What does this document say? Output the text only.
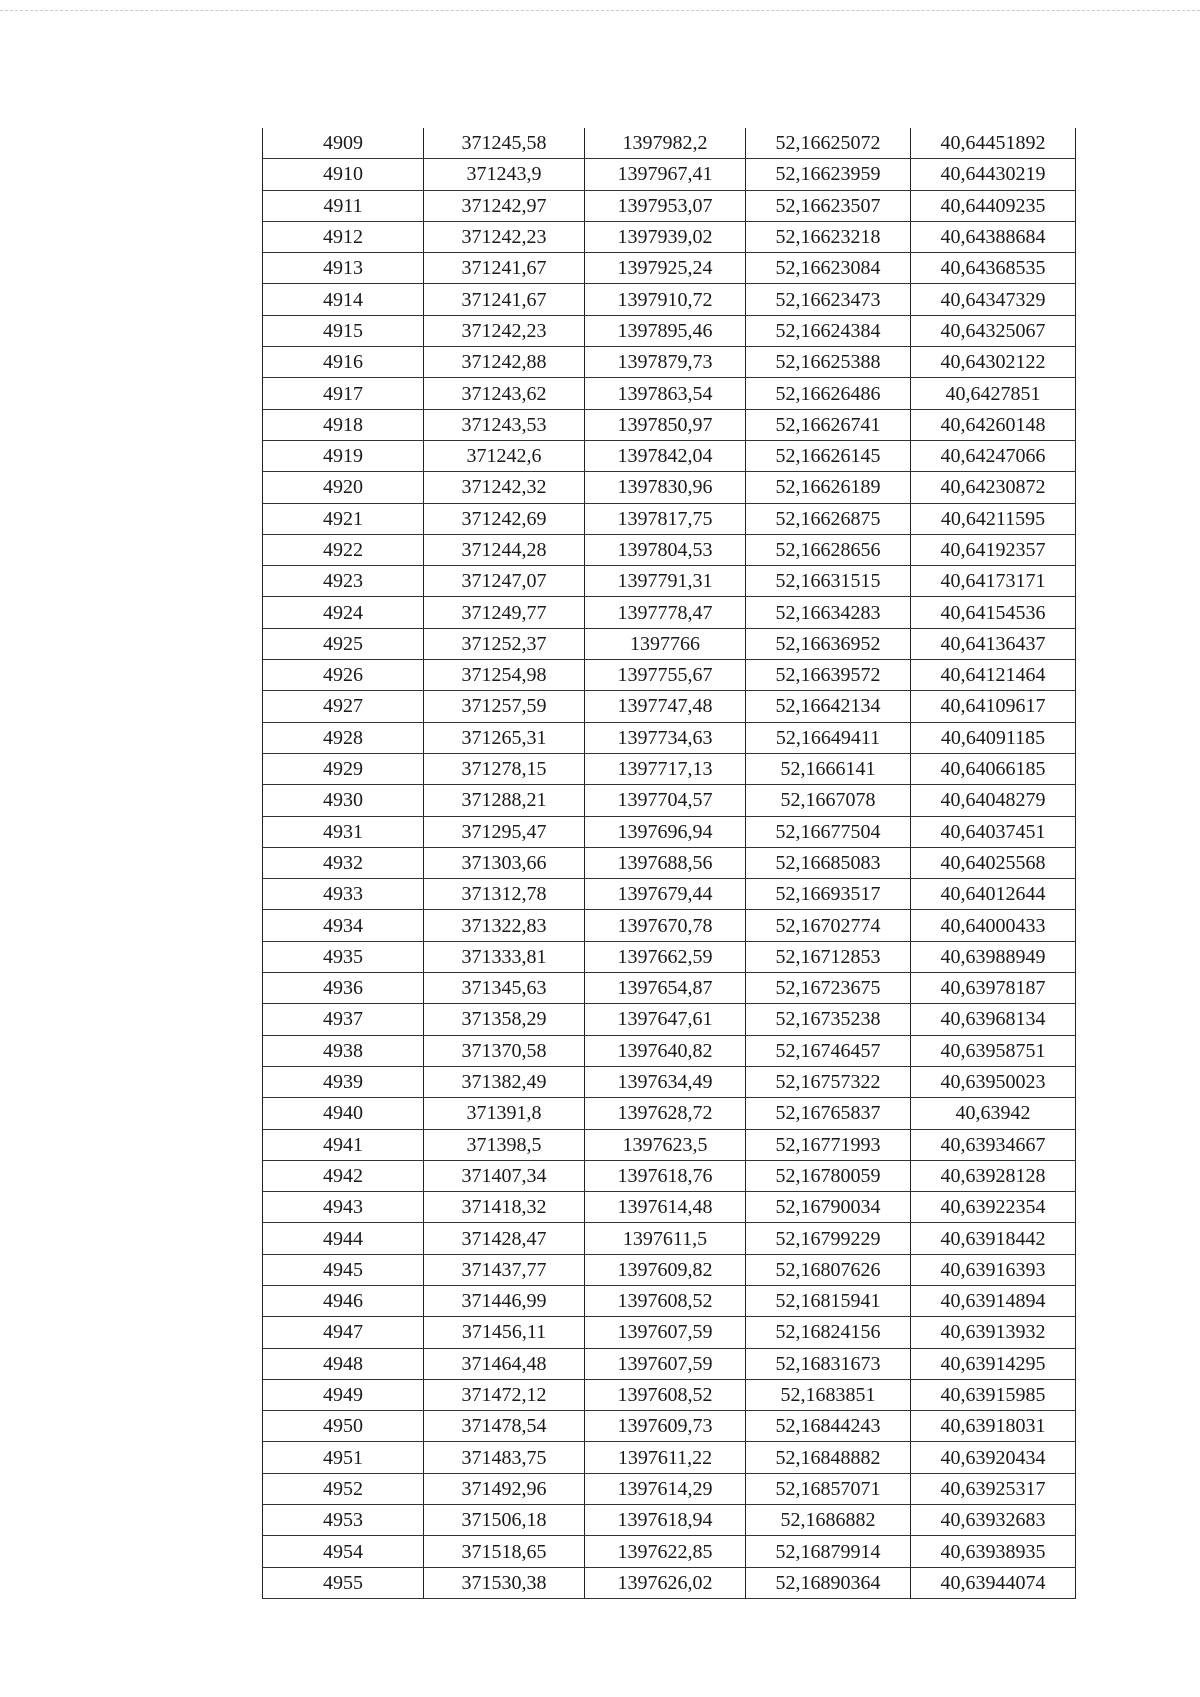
4909	371245,58	1397982,2	52,16625072	40,64451892
4910	371243,9	1397967,41	52,16623959	40,64430219
4911	371242,97	1397953,07	52,16623507	40,64409235
4912	371242,23	1397939,02	52,16623218	40,64388684
4913	371241,67	1397925,24	52,16623084	40,64368535
4914	371241,67	1397910,72	52,16623473	40,64347329
4915	371242,23	1397895,46	52,16624384	40,64325067
4916	371242,88	1397879,73	52,16625388	40,64302122
4917	371243,62	1397863,54	52,16626486	40,6427851
4918	371243,53	1397850,97	52,16626741	40,64260148
4919	371242,6	1397842,04	52,16626145	40,64247066
4920	371242,32	1397830,96	52,16626189	40,64230872
4921	371242,69	1397817,75	52,16626875	40,64211595
4922	371244,28	1397804,53	52,16628656	40,64192357
4923	371247,07	1397791,31	52,16631515	40,64173171
4924	371249,77	1397778,47	52,16634283	40,64154536
4925	371252,37	1397766	52,16636952	40,64136437
4926	371254,98	1397755,67	52,16639572	40,64121464
4927	371257,59	1397747,48	52,16642134	40,64109617
4928	371265,31	1397734,63	52,16649411	40,64091185
4929	371278,15	1397717,13	52,1666141	40,64066185
4930	371288,21	1397704,57	52,1667078	40,64048279
4931	371295,47	1397696,94	52,16677504	40,64037451
4932	371303,66	1397688,56	52,16685083	40,64025568
4933	371312,78	1397679,44	52,16693517	40,64012644
4934	371322,83	1397670,78	52,16702774	40,64000433
4935	371333,81	1397662,59	52,16712853	40,63988949
4936	371345,63	1397654,87	52,16723675	40,63978187
4937	371358,29	1397647,61	52,16735238	40,63968134
4938	371370,58	1397640,82	52,16746457	40,63958751
4939	371382,49	1397634,49	52,16757322	40,63950023
4940	371391,8	1397628,72	52,16765837	40,63942
4941	371398,5	1397623,5	52,16771993	40,63934667
4942	371407,34	1397618,76	52,16780059	40,63928128
4943	371418,32	1397614,48	52,16790034	40,63922354
4944	371428,47	1397611,5	52,16799229	40,63918442
4945	371437,77	1397609,82	52,16807626	40,63916393
4946	371446,99	1397608,52	52,16815941	40,63914894
4947	371456,11	1397607,59	52,16824156	40,63913932
4948	371464,48	1397607,59	52,16831673	40,63914295
4949	371472,12	1397608,52	52,1683851	40,63915985
4950	371478,54	1397609,73	52,16844243	40,63918031
4951	371483,75	1397611,22	52,16848882	40,63920434
4952	371492,96	1397614,29	52,16857071	40,63925317
4953	371506,18	1397618,94	52,1686882	40,63932683
4954	371518,65	1397622,85	52,16879914	40,63938935
4955	371530,38	1397626,02	52,16890364	40,63944074
